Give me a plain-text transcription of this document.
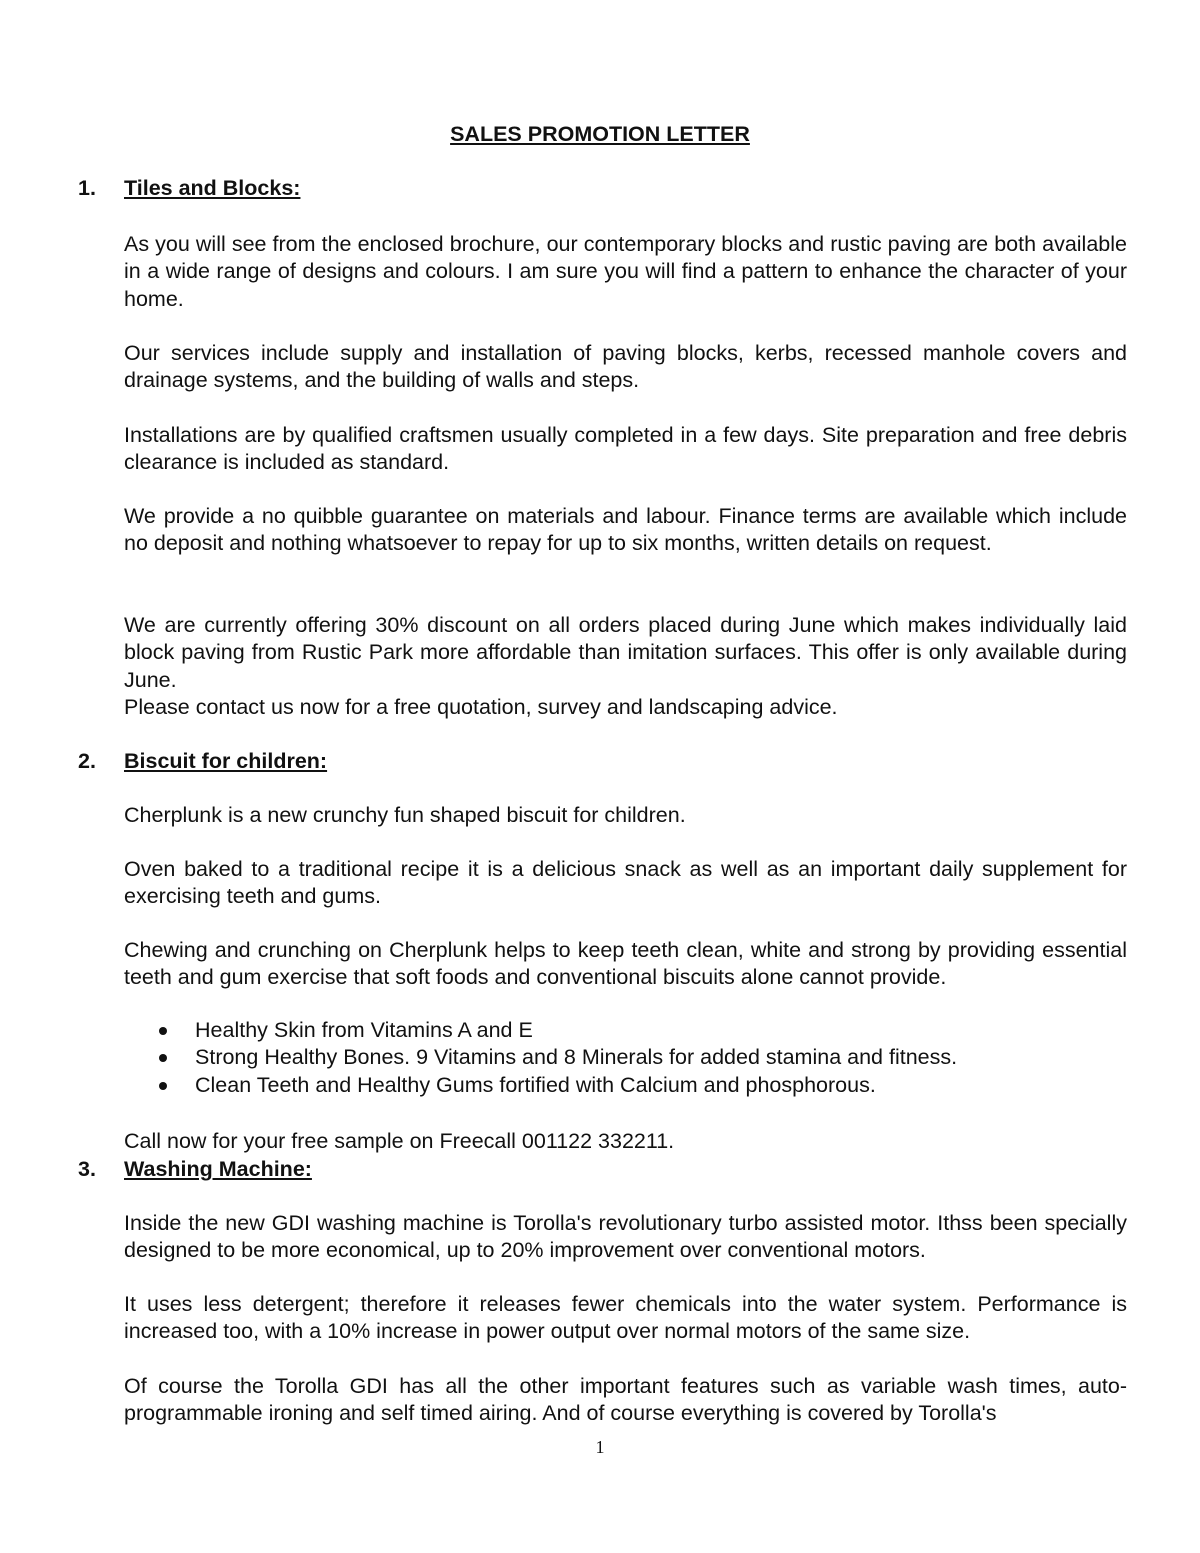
SALES PROMOTION LETTER
1. Tiles and Blocks:

As you will see from the enclosed brochure, our contemporary blocks and rustic paving are both available in a wide range of designs and colours. I am sure you will find a pattern to enhance the character of your home.

Our services include supply and installation of paving blocks, kerbs, recessed manhole covers and drainage systems, and the building of walls and steps.

Installations are by qualified craftsmen usually completed in a few days. Site preparation and free debris clearance is included as standard.

We provide a no quibble guarantee on materials and labour. Finance terms are available which include no deposit and nothing whatsoever to repay for up to six months, written details on request.

We are currently offering 30% discount on all orders placed during June which makes individually laid block paving from Rustic Park more affordable than imitation surfaces. This offer is only available during June.

Please contact us now for a free quotation, survey and landscaping advice.

2. Biscuit for children:

Cherplunk is a new crunchy fun shaped biscuit for children.

Oven baked to a traditional recipe it is a delicious snack as well as an important daily supplement for exercising teeth and gums.

Chewing and crunching on Cherplunk helps to keep teeth clean, white and strong by providing essential teeth and gum exercise that soft foods and conventional biscuits alone cannot provide.

Healthy Skin from Vitamins A and E
Strong Healthy Bones. 9 Vitamins and 8 Minerals for added stamina and fitness.
Clean Teeth and Healthy Gums fortified with Calcium and phosphorous.

Call now for your free sample on Freecall 001122 332211.

3. Washing Machine:

Inside the new GDI washing machine is Torolla's revolutionary turbo assisted motor. Ithss been specially designed to be more economical, up to 20% improvement over conventional motors.

It uses less detergent; therefore it releases fewer chemicals into the water system. Performance is increased too, with a 10% increase in power output over normal motors of the same size.

Of course the Torolla GDI has all the other important features such as variable wash times, auto-programmable ironing and self timed airing. And of course everything is covered by Torolla's

1
